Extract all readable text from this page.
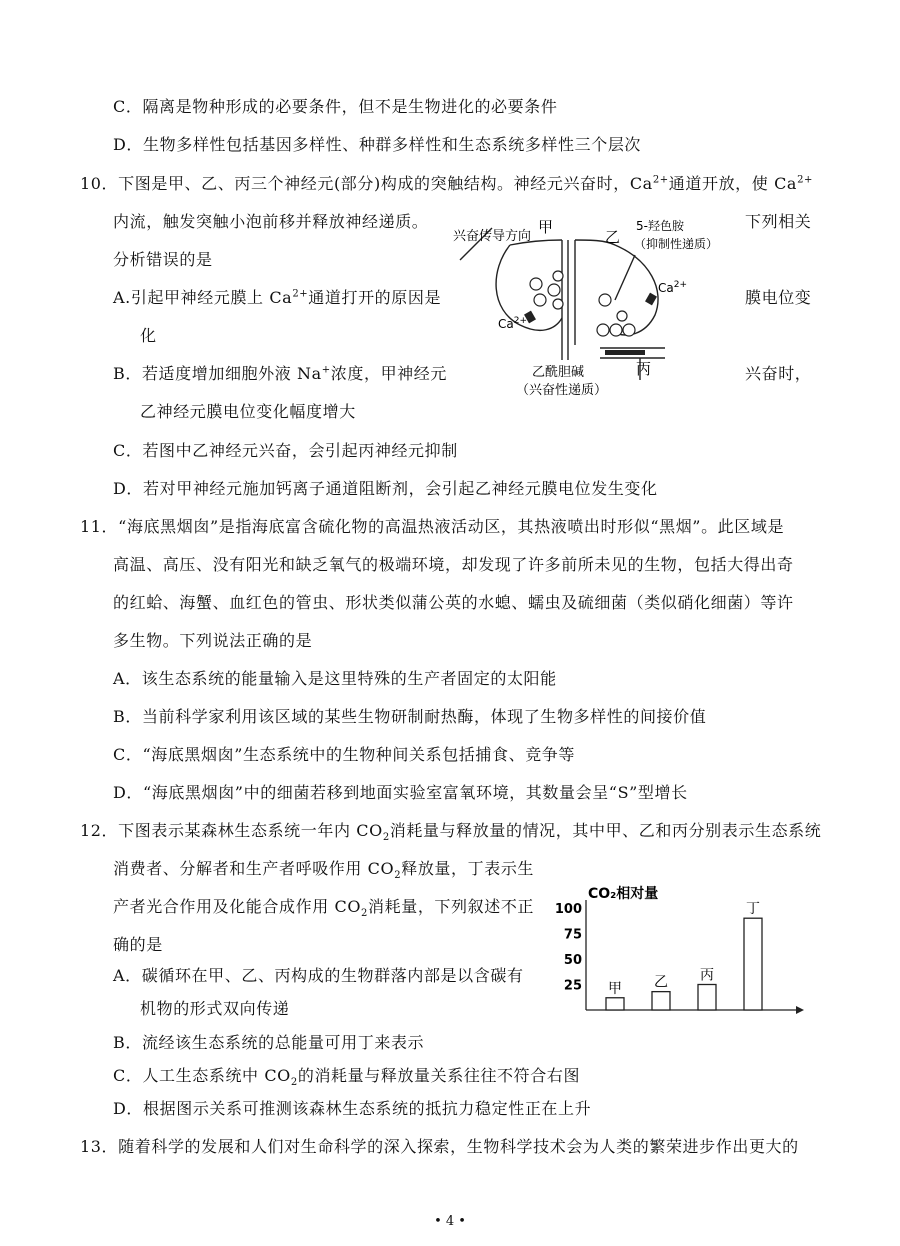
C．隔离是物种形成的必要条件，但不是生物进化的必要条件
D．生物多样性包括基因多样性、种群多样性和生态系统多样性三个层次
10．下图是甲、乙、丙三个神经元(部分)构成的突触结构。神经元兴奋时，$Ca^{2+}$通道开放，使 $Ca^{2+}$
内流，触发突触小泡前移并释放神经递质。	下列相关
分析错误的是
A.引起甲神经元膜上 $Ca^{2+}$通道打开的原因是	膜电位变
化
B．若适度增加细胞外液 Na+浓度，甲神经元	兴奋时，
乙神经元膜电位变化幅度增大
C．若图中乙神经元兴奋，会引起丙神经元抑制
D．若对甲神经元施加钙离子通道阻断剂，会引起乙神经元膜电位发生变化
兴奋传导方向
甲
乙
5-羟色胺
（抑制性递质）
$Ca^{2+}$
$Ca^{2+}$
乙酰胆碱
（兴奋性递质）
丙
11．“海底黑烟囱”是指海底富含硫化物的高温热液活动区，其热液喷出时形似“黑烟”。此区域是
高温、高压、没有阳光和缺乏氧气的极端环境，却发现了许多前所未见的生物，包括大得出奇
的红蛤、海蟹、血红色的管虫、形状类似蒲公英的水螅、蠕虫及硫细菌（类似硝化细菌）等许
多生物。下列说法正确的是
A．该生态系统的能量输入是这里特殊的生产者固定的太阳能
B．当前科学家利用该区域的某些生物研制耐热酶，体现了生物多样性的间接价值
C．“海底黑烟囱”生态系统中的生物种间关系包括捕食、竞争等
D．“海底黑烟囱”中的细菌若移到地面实验室富氧环境，其数量会呈“S”型增长
12．下图表示某森林生态系统一年内 $CO_2$消耗量与释放量的情况，其中甲、乙和丙分别表示生态系统
消费者、分解者和生产者呼吸作用 $CO_2$释放量，丁表示生
产者光合作用及化能合成作用 $CO_2$消耗量，下列叙述不正
确的是
A．碳循环在甲、乙、丙构成的生物群落内部是以含碳有
机物的形式双向传递
B．流经该生态系统的总能量可用丁来表示
C．人工生态系统中 $CO_2$的消耗量与释放量关系往往不符合右图
D．根据图示关系可推测该森林生态系统的抵抗力稳定性正在上升
CO₂相对量
25
50
75
100
甲 乙 丙
丁
13．随着科学的发展和人们对生命科学的深入探索，生物科学技术会为人类的繁荣进步作出更大的
• 4 •
